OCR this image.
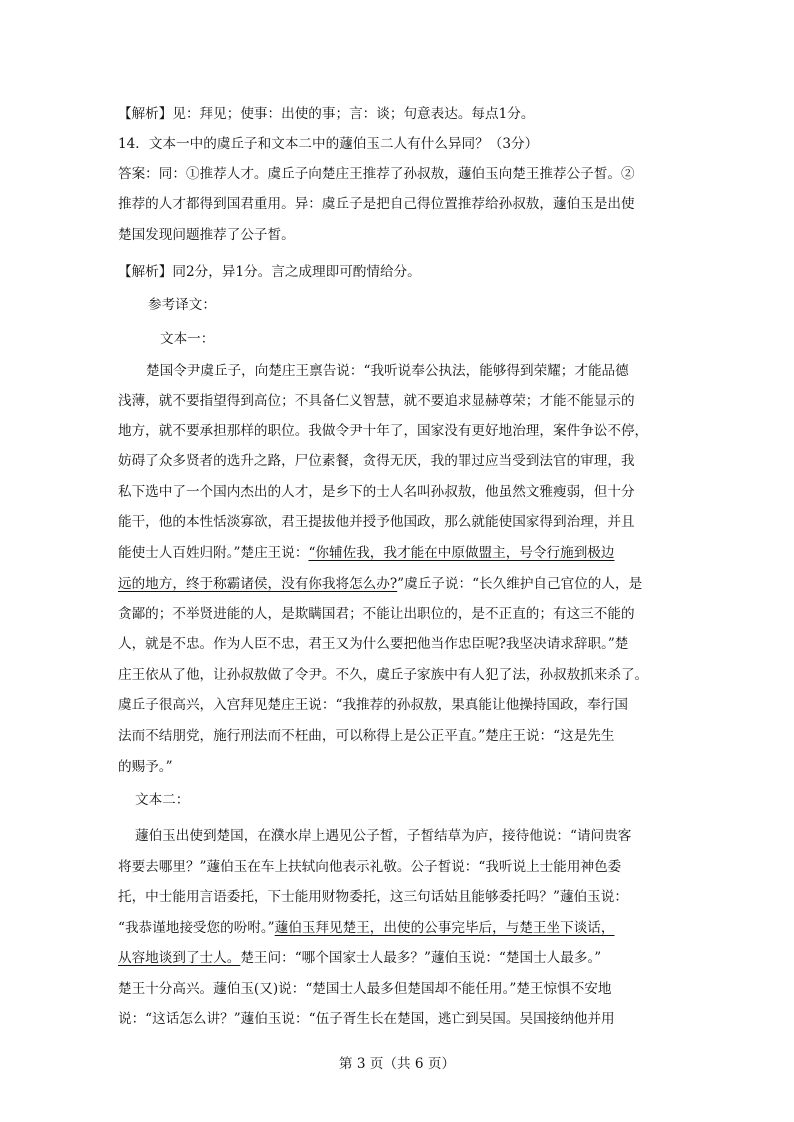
【解析】见：拜见；使事：出使的事；言：谈；句意表达。每点1分。
14．文本一中的虞丘子和文本二中的蘧伯玉二人有什么异同？（3分）
答案：同：①推荐人才。虞丘子向楚庄王推荐了孙叔敖，蘧伯玉向楚王推荐公子皙。②
推荐的人才都得到国君重用。异：虞丘子是把自己得位置推荐给孙叔敖，蘧伯玉是出使
楚国发现问题推荐了公子皙。
【解析】同2分，异1分。言之成理即可酌情给分。
参考译文：
文本一：
楚国令尹虞丘子，向楚庄王禀告说：“我听说奉公执法，能够得到荣耀；才能品德
浅薄，就不要指望得到高位；不具备仁义智慧，就不要追求显赫尊荣；才能不能显示的
地方，就不要承担那样的职位。我做令尹十年了，国家没有更好地治理，案件争讼不停，
妨碍了众多贤者的选升之路，尸位素餐，贪得无厌，我的罪过应当受到法官的审理，我
私下选中了一个国内杰出的人才，是乡下的士人名叫孙叔敖，他虽然文雅瘦弱，但十分
能干，他的本性恬淡寡欲，君王提拔他并授予他国政，那么就能使国家得到治理，并且
能使士人百姓归附。”楚庄王说：“你辅佐我，我才能在中原做盟主，号令行施到极边
远的地方，终于称霸诸侯，没有你我将怎么办?”虞丘子说：“长久维护自己官位的人，是
贪鄙的；不举贤进能的人，是欺瞒国君；不能让出职位的，是不正直的；有这三不能的
人，就是不忠。作为人臣不忠，君王又为什么要把他当作忠臣呢?我坚决请求辞职。”楚
庄王依从了他，让孙叔敖做了令尹。不久，虞丘子家族中有人犯了法，孙叔敖抓来杀了。
虞丘子很高兴，入宫拜见楚庄王说：“我推荐的孙叔敖，果真能让他操持国政，奉行国
法而不结朋党，施行刑法而不枉曲，可以称得上是公正平直。”楚庄王说：“这是先生
的赐予。”
文本二：
蘧伯玉出使到楚国，在濮水岸上遇见公子皙，子皙结草为庐，接待他说：“请问贵客
将要去哪里？”蘧伯玉在车上扶轼向他表示礼敬。公子皙说：“我听说上士能用神色委
托，中士能用言语委托，下士能用财物委托，这三句话姑且能够委托吗？”蘧伯玉说：
“我恭谨地接受您的吩咐。”蘧伯玉拜见楚王，出使的公事完毕后，与楚王坐下谈话，
从容地谈到了士人。楚王问：“哪个国家士人最多？”蘧伯玉说：“楚国士人最多。”
楚王十分高兴。蘧伯玉(又)说：“楚国士人最多但楚国却不能任用。”楚王惊惧不安地
说：“这话怎么讲？”蘧伯玉说：“伍子胥生长在楚国，逃亡到吴国。吴国接纳他并用
第 3 页（共 6 页）
